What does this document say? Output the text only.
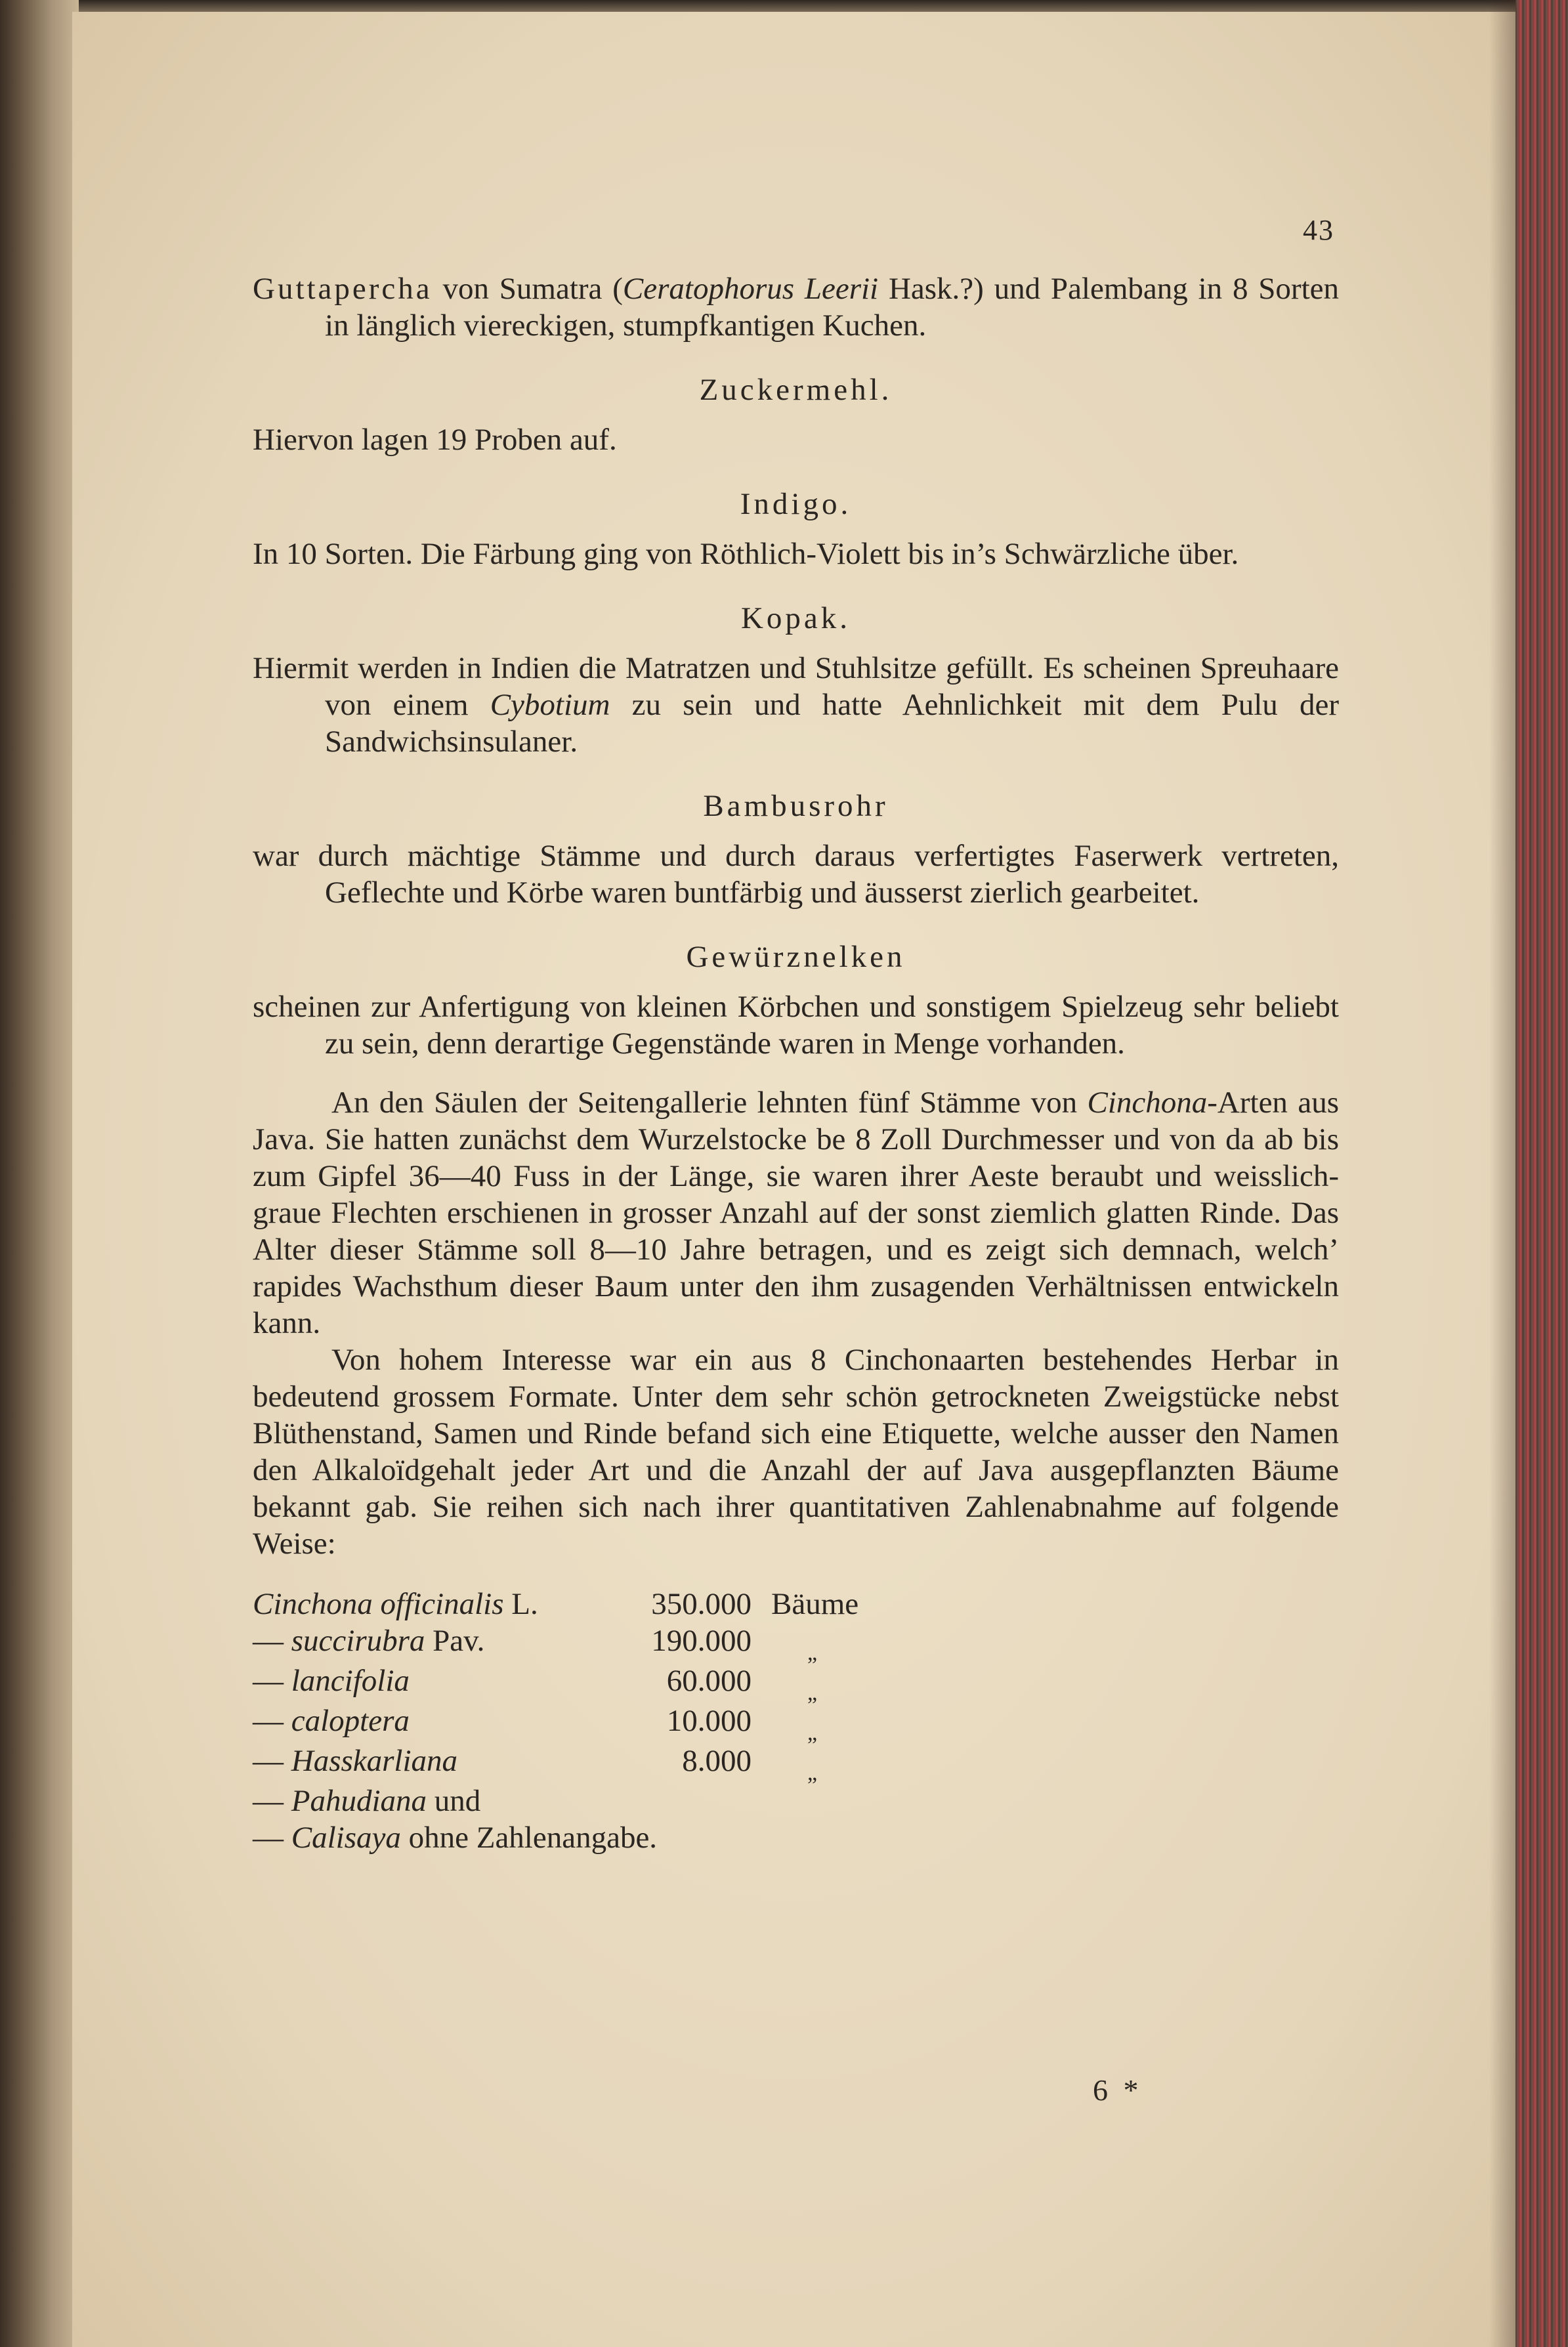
43

Guttapercha von Sumatra (Ceratophorus Leerii Hask.?) und Palembang in 8 Sorten in länglich viereckigen, stumpfkantigen Kuchen.

Zuckermehl.

Hiervon lagen 19 Proben auf.

Indigo.

In 10 Sorten. Die Färbung ging von Röthlich-Violett bis in’s Schwärzliche über.

Kopak.

Hiermit werden in Indien die Matratzen und Stuhlsitze gefüllt. Es scheinen Spreuhaare von einem Cybotium zu sein und hatte Aehnlichkeit mit dem Pulu der Sandwichsinsulaner.

Bambusrohr

war durch mächtige Stämme und durch daraus verfertigtes Faserwerk vertreten, Geflechte und Körbe waren buntfärbig und äusserst zierlich gearbeitet.

Gewürznelken

scheinen zur Anfertigung von kleinen Körbchen und sonstigem Spielzeug sehr beliebt zu sein, denn derartige Gegenstände waren in Menge vorhanden.

An den Säulen der Seitengallerie lehnten fünf Stämme von Cinchona-Arten aus Java. Sie hatten zunächst dem Wurzelstocke be 8 Zoll Durchmesser und von da ab bis zum Gipfel 36—40 Fuss in der Länge, sie waren ihrer Aeste beraubt und weisslich-graue Flechten erschienen in grosser Anzahl auf der sonst ziemlich glatten Rinde. Das Alter dieser Stämme soll 8—10 Jahre betragen, und es zeigt sich demnach, welch’ rapides Wachsthum dieser Baum unter den ihm zusagenden Verhältnissen entwickeln kann.

Von hohem Interesse war ein aus 8 Cinchonaarten bestehendes Herbar in bedeutend grossem Formate. Unter dem sehr schön getrockneten Zweigstücke nebst Blüthenstand, Samen und Rinde befand sich eine Etiquette, welche ausser den Namen den Alkaloïdgehalt jeder Art und die Anzahl der auf Java ausgepflanzten Bäume bekannt gab. Sie reihen sich nach ihrer quantitativen Zahlenabnahme auf folgende Weise:

Cinchona officinalis L.	350.000	Bäume
— succirubra Pav.	190.000	$_„$
— lancifolia	60.000	$_„$
— caloptera	10.000	$_„$
— Hasskarliana	8.000	$_„$
— Pahudiana und		
— Calisaya ohne Zahlenangabe.		
6 *
